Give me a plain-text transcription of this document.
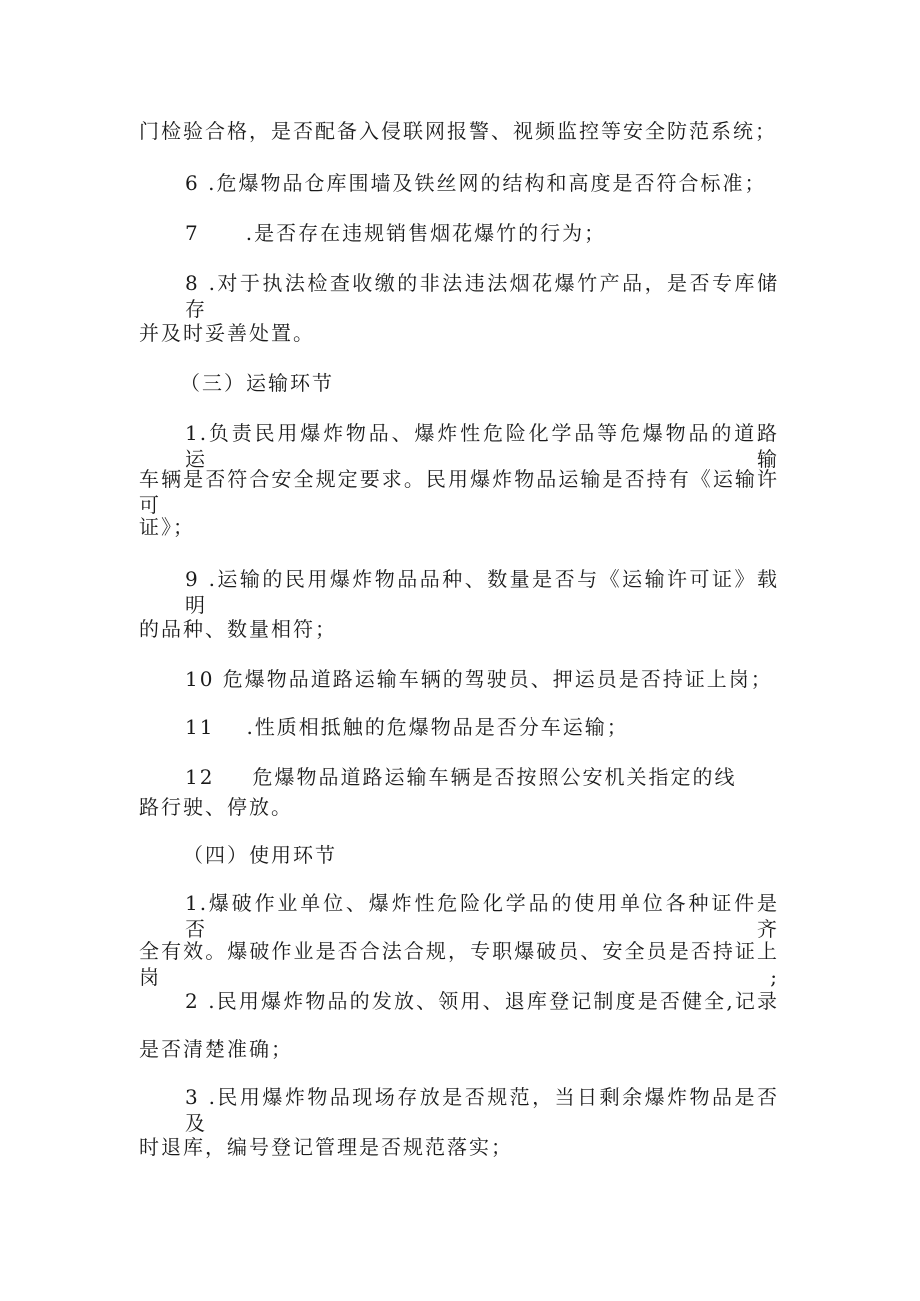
门检验合格，是否配备入侵联网报警、视频监控等安全防范系统；
6 .危爆物品仓库围墙及铁丝网的结构和高度是否符合标准；
7 .是否存在违规销售烟花爆竹的行为；
8 .对于执法检查收缴的非法违法烟花爆竹产品，是否专库储存
并及时妥善处置。
（三）运输环节
1.负责民用爆炸物品、爆炸性危险化学品等危爆物品的道路运输
车辆是否符合安全规定要求。民用爆炸物品运输是否持有《运输许可
证》；
9 .运输的民用爆炸物品品种、数量是否与《运输许可证》载明
的品种、数量相符；
10 危爆物品道路运输车辆的驾驶员、押运员是否持证上岗；
11 .性质相抵触的危爆物品是否分车运输；
12 危爆物品道路运输车辆是否按照公安机关指定的线
路行驶、停放。
（四）使用环节
1.爆破作业单位、爆炸性危险化学品的使用单位各种证件是否齐
全有效。爆破作业是否合法合规，专职爆破员、安全员是否持证上岗;
2 .民用爆炸物品的发放、领用、退库登记制度是否健全,记录
是否清楚准确；
3 .民用爆炸物品现场存放是否规范，当日剩余爆炸物品是否及
时退库，编号登记管理是否规范落实；
